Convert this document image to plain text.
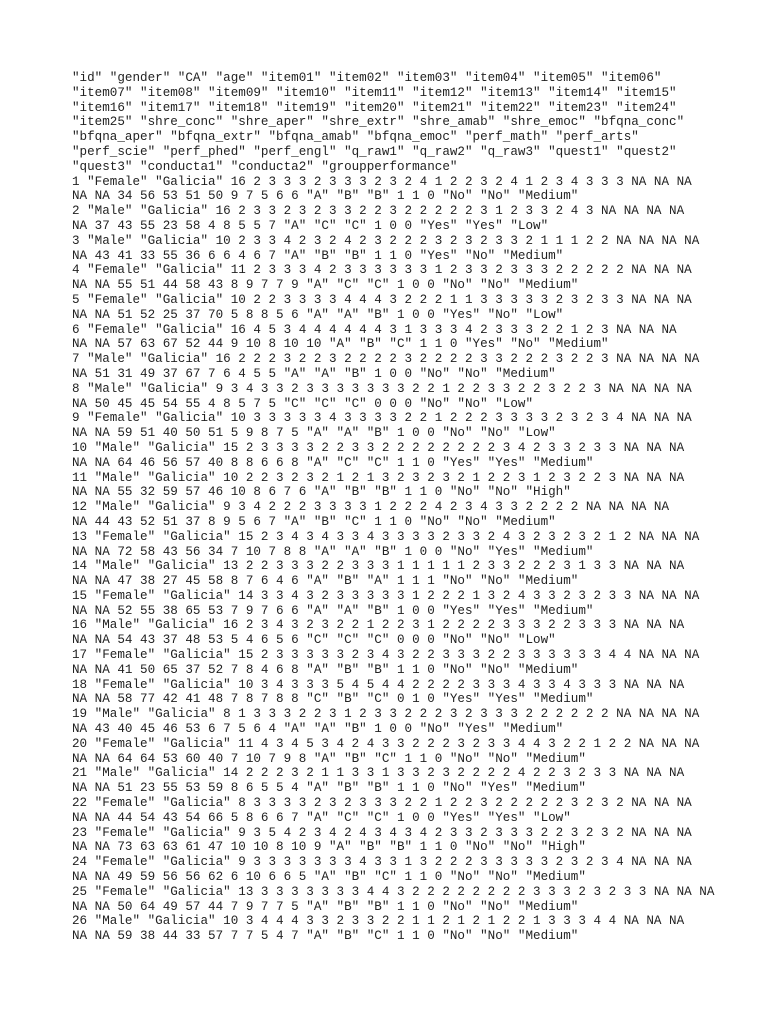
"id" "gender" "CA" "age" "item01" "item02" "item03" "item04" "item05" "item06"
"item07" "item08" "item09" "item10" "item11" "item12" "item13" "item14" "item15"
"item16" "item17" "item18" "item19" "item20" "item21" "item22" "item23" "item24"
"item25" "shre_conc" "shre_aper" "shre_extr" "shre_amab" "shre_emoc" "bfqna_conc"
"bfqna_aper" "bfqna_extr" "bfqna_amab" "bfqna_emoc" "perf_math" "perf_arts"
"perf_scie" "perf_phed" "perf_engl" "q_raw1" "q_raw2" "q_raw3" "quest1" "quest2"
"quest3" "conducta1" "conducta2" "groupperformance"
1 "Female" "Galicia" 16 2 3 3 3 2 3 3 3 2 3 2 4 1 2 2 3 2 4 1 2 3 4 3 3 3 NA NA NA
NA NA 34 56 53 51 50 9 7 5 6 6 "A" "B" "B" 1 1 0 "No" "No" "Medium"
2 "Male" "Galicia" 16 2 3 3 2 3 2 3 3 2 2 3 2 2 2 2 2 3 1 2 3 3 2 4 3 NA NA NA NA
NA 37 43 55 23 58 4 8 5 5 7 "A" "C" "C" 1 0 0 "Yes" "Yes" "Low"
3 "Male" "Galicia" 10 2 3 3 4 2 3 2 4 2 3 2 2 2 3 2 3 2 3 3 2 1 1 1 2 2 NA NA NA NA
NA 43 41 33 55 36 6 6 4 6 7 "A" "B" "B" 1 1 0 "Yes" "No" "Medium"
4 "Female" "Galicia" 11 2 3 3 3 4 2 3 3 3 3 3 3 1 2 3 3 2 3 3 3 2 2 2 2 2 NA NA NA
NA NA 55 51 44 58 43 8 9 7 7 9 "A" "C" "C" 1 0 0 "No" "No" "Medium"
5 "Female" "Galicia" 10 2 2 3 3 3 3 4 4 4 3 2 2 2 1 1 3 3 3 3 3 2 3 2 3 3 NA NA NA
NA NA 51 52 25 37 70 5 8 8 5 6 "A" "A" "B" 1 0 0 "Yes" "No" "Low"
6 "Female" "Galicia" 16 4 5 3 4 4 4 4 4 4 3 1 3 3 3 4 2 3 3 3 2 2 1 2 3 NA NA NA
NA NA 57 63 67 52 44 9 10 8 10 10 "A" "B" "C" 1 1 0 "Yes" "No" "Medium"
7 "Male" "Galicia" 16 2 2 2 3 2 2 3 2 2 2 2 3 2 2 2 2 3 3 2 2 2 3 2 2 3 NA NA NA NA
NA 51 31 49 37 67 7 6 4 5 5 "A" "A" "B" 1 0 0 "No" "No" "Medium"
8 "Male" "Galicia" 9 3 4 3 3 2 3 3 3 3 3 3 3 2 2 1 2 2 3 3 2 2 3 2 2 3 NA NA NA NA
NA 50 45 45 54 55 4 8 5 7 5 "C" "C" "C" 0 0 0 "No" "No" "Low"
9 "Female" "Galicia" 10 3 3 3 3 3 4 3 3 3 3 2 2 1 2 2 2 3 3 3 3 2 3 2 3 4 NA NA NA
NA NA 59 51 40 50 51 5 9 8 7 5 "A" "A" "B" 1 0 0 "No" "No" "Low"
10 "Male" "Galicia" 15 2 3 3 3 3 2 2 3 3 2 2 2 2 2 2 2 2 3 4 2 3 3 2 3 3 NA NA NA
NA NA 64 46 56 57 40 8 8 6 6 8 "A" "C" "C" 1 1 0 "Yes" "Yes" "Medium"
11 "Male" "Galicia" 10 2 2 3 2 3 2 1 2 1 3 2 3 2 3 2 1 2 2 3 1 2 3 2 2 3 NA NA NA
NA NA 55 32 59 57 46 10 8 6 7 6 "A" "B" "B" 1 1 0 "No" "No" "High"
12 "Male" "Galicia" 9 3 4 2 2 2 3 3 3 3 1 2 2 2 4 2 3 4 3 3 2 2 2 2 NA NA NA NA
NA 44 43 52 51 37 8 9 5 6 7 "A" "B" "C" 1 1 0 "No" "No" "Medium"
13 "Female" "Galicia" 15 2 3 4 3 4 3 3 4 3 3 3 3 2 3 3 2 4 3 2 3 2 3 2 1 2 NA NA NA
NA NA 72 58 43 56 34 7 10 7 8 8 "A" "A" "B" 1 0 0 "No" "Yes" "Medium"
14 "Male" "Galicia" 13 2 2 3 3 3 2 2 3 3 3 1 1 1 1 1 2 3 3 2 2 2 3 1 3 3 NA NA NA
NA NA 47 38 27 45 58 8 7 6 4 6 "A" "B" "A" 1 1 1 "No" "No" "Medium"
15 "Female" "Galicia" 14 3 3 4 3 2 3 3 3 3 3 1 2 2 2 1 3 2 4 3 3 2 3 2 3 3 NA NA NA
NA NA 52 55 38 65 53 7 9 7 6 6 "A" "A" "B" 1 0 0 "Yes" "Yes" "Medium"
16 "Male" "Galicia" 16 2 3 4 3 2 3 2 2 1 2 2 3 1 2 2 2 2 3 3 3 2 2 3 3 3 NA NA NA
NA NA 54 43 37 48 53 5 4 6 5 6 "C" "C" "C" 0 0 0 "No" "No" "Low"
17 "Female" "Galicia" 15 2 3 3 3 3 3 2 3 4 3 2 2 3 3 3 2 2 3 3 3 3 3 3 4 4 NA NA NA
NA NA 41 50 65 37 52 7 8 4 6 8 "A" "B" "B" 1 1 0 "No" "No" "Medium"
18 "Female" "Galicia" 10 3 4 3 3 3 5 4 5 4 4 2 2 2 2 3 3 3 4 3 3 4 3 3 3 NA NA NA
NA NA 58 77 42 41 48 7 8 7 8 8 "C" "B" "C" 0 1 0 "Yes" "Yes" "Medium"
19 "Male" "Galicia" 8 1 3 3 3 2 2 3 1 2 3 3 2 2 2 3 2 3 3 3 2 2 2 2 2 2 NA NA NA NA
NA 43 40 45 46 53 6 7 5 6 4 "A" "A" "B" 1 0 0 "No" "Yes" "Medium"
20 "Female" "Galicia" 11 4 3 4 5 3 4 2 4 3 3 2 2 2 3 2 3 3 4 4 3 2 2 1 2 2 NA NA NA
NA NA 64 64 53 60 40 7 10 7 9 8 "A" "B" "C" 1 1 0 "No" "No" "Medium"
21 "Male" "Galicia" 14 2 2 2 3 2 1 1 3 3 1 3 3 2 3 2 2 2 2 4 2 2 3 2 3 3 NA NA NA
NA NA 51 23 55 53 59 8 6 5 5 4 "A" "B" "B" 1 1 0 "No" "Yes" "Medium"
22 "Female" "Galicia" 8 3 3 3 3 2 3 2 3 3 3 2 2 1 2 2 3 2 2 2 2 2 3 2 3 2 NA NA NA
NA NA 44 54 43 54 66 5 8 6 6 7 "A" "C" "C" 1 0 0 "Yes" "Yes" "Low"
23 "Female" "Galicia" 9 3 5 4 2 3 4 2 4 3 4 3 4 2 3 3 2 3 3 3 2 2 3 2 3 2 NA NA NA
NA NA 73 63 63 61 47 10 10 8 10 9 "A" "B" "B" 1 1 0 "No" "No" "High"
24 "Female" "Galicia" 9 3 3 3 3 3 3 3 4 3 3 1 3 2 2 2 3 3 3 3 3 2 3 2 3 4 NA NA NA
NA NA 49 59 56 56 62 6 10 6 6 5 "A" "B" "C" 1 1 0 "No" "No" "Medium"
25 "Female" "Galicia" 13 3 3 3 3 3 3 3 4 4 3 2 2 2 2 2 2 2 2 3 3 3 2 3 2 3 3 NA NA NA
NA NA 50 64 49 57 44 7 9 7 7 5 "A" "B" "B" 1 1 0 "No" "No" "Medium"
26 "Male" "Galicia" 10 3 4 4 4 3 3 2 3 3 2 2 1 1 2 1 2 1 2 2 1 3 3 3 4 4 NA NA NA
NA NA 59 38 44 33 57 7 7 5 4 7 "A" "B" "C" 1 1 0 "No" "No" "Medium"
